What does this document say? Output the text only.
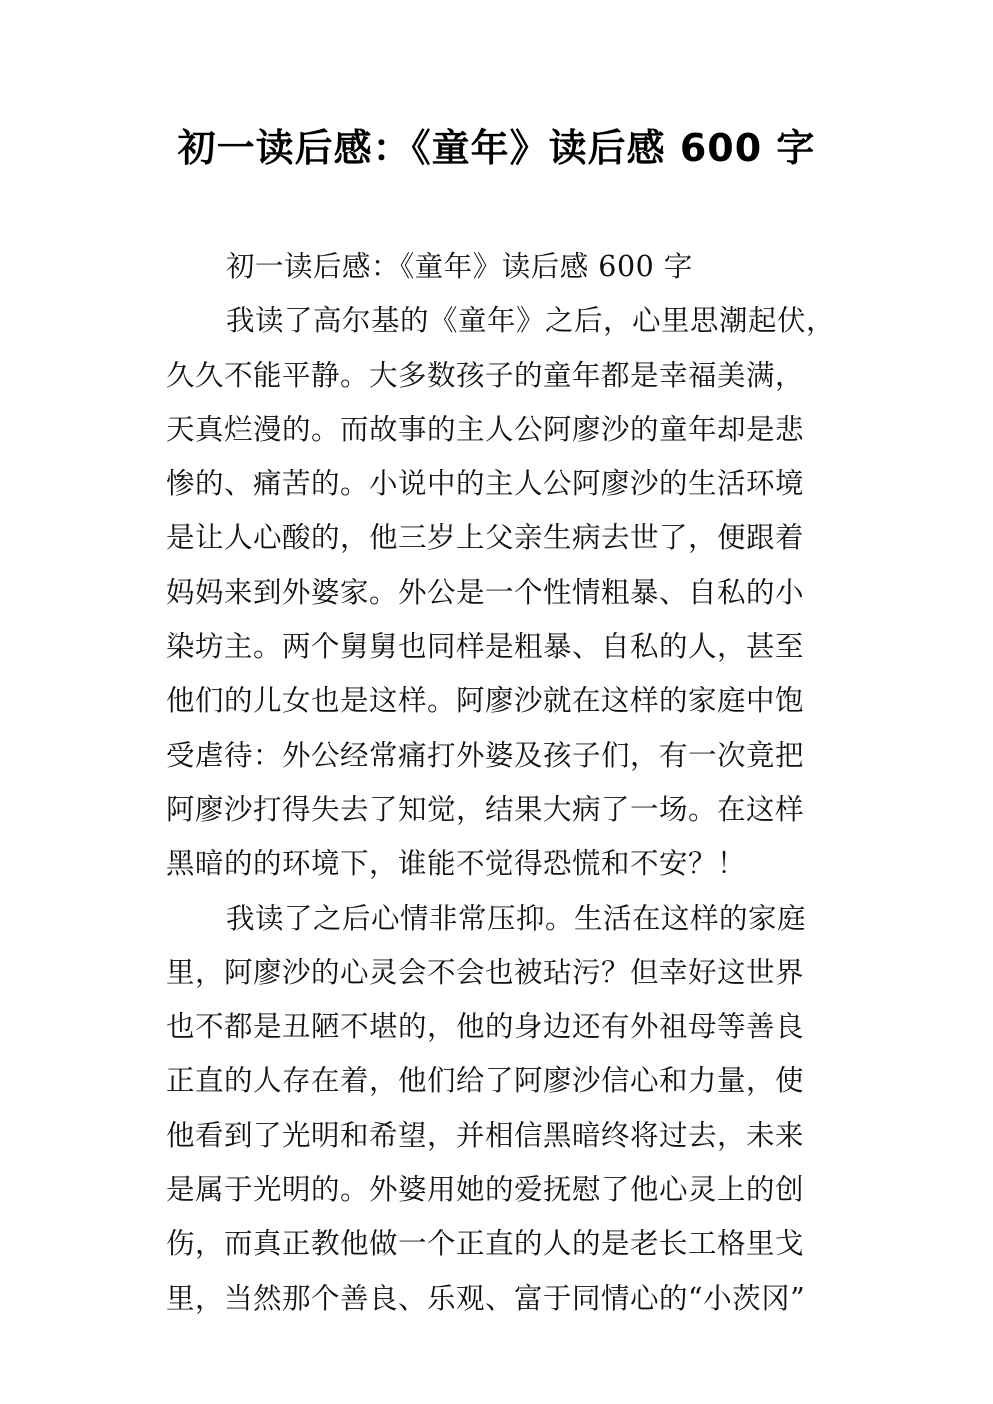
初一读后感：《童年》读后感 600 字
初一读后感：《童年》读后感 600 字
我读了高尔基的《童年》之后，心里思潮起伏，
久久不能平静。大多数孩子的童年都是幸福美满，
天真烂漫的。而故事的主人公阿廖沙的童年却是悲
惨的、痛苦的。小说中的主人公阿廖沙的生活环境
是让人心酸的，他三岁上父亲生病去世了，便跟着
妈妈来到外婆家。外公是一个性情粗暴、自私的小
染坊主。两个舅舅也同样是粗暴、自私的人，甚至
他们的儿女也是这样。阿廖沙就在这样的家庭中饱
受虐待：外公经常痛打外婆及孩子们，有一次竟把
阿廖沙打得失去了知觉，结果大病了一场。在这样
黑暗的的环境下，谁能不觉得恐慌和不安？！
我读了之后心情非常压抑。生活在这样的家庭
里，阿廖沙的心灵会不会也被玷污？但幸好这世界
也不都是丑陋不堪的，他的身边还有外祖母等善良
正直的人存在着，他们给了阿廖沙信心和力量，使
他看到了光明和希望，并相信黑暗终将过去，未来
是属于光明的。外婆用她的爱抚慰了他心灵上的创
伤，而真正教他做一个正直的人的是老长工格里戈
里，当然那个善良、乐观、富于同情心的“小茨冈”
